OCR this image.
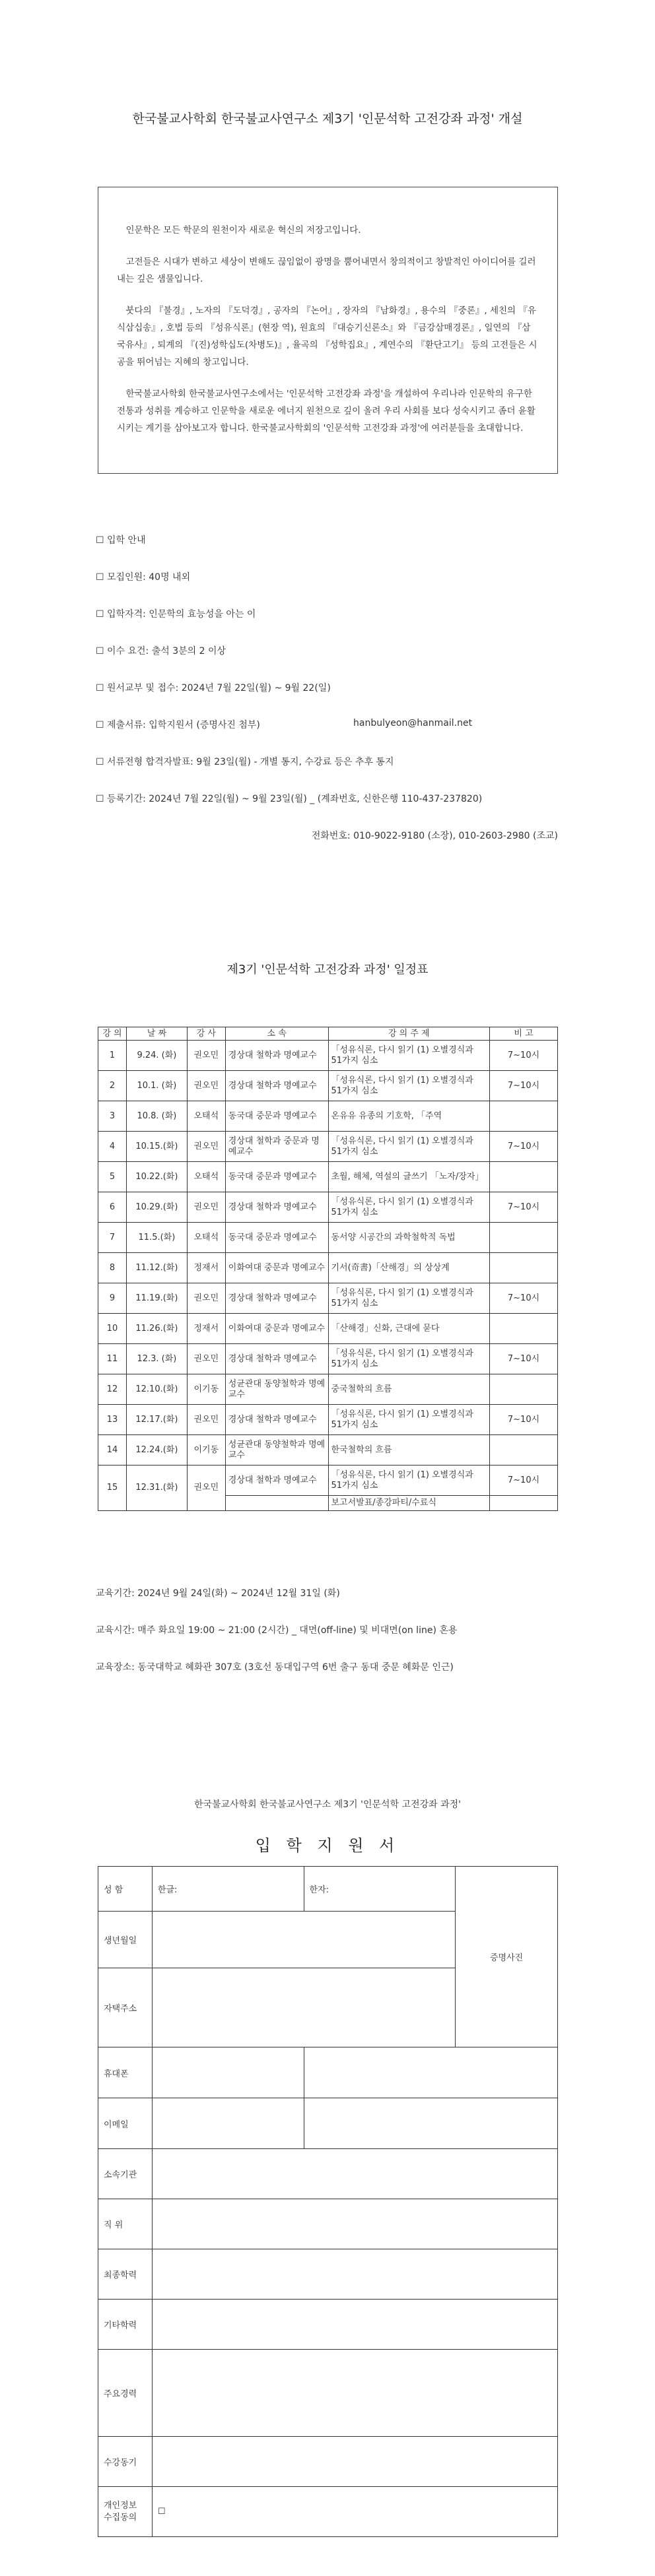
한국불교사학회 한국불교사연구소 제3기 '인문석학 고전강좌 과정' 개설

인문학은 모든 학문의 원천이자 새로운 혁신의 저장고입니다.

고전들은 시대가 변하고 세상이 변해도 끊임없이 광명을 뿜어내면서 창의적이고 창발적인 아이디어를 길러내는 깊은 샘물입니다.

붓다의 『불경』, 노자의 『도덕경』, 공자의 『논어』, 장자의 『남화경』, 용수의 『중론』, 세친의 『유식삼십송』, 호법 등의 『성유식론』(현장 역), 원효의 『대승기신론소』와 『금강삼매경론』, 일연의 『삼국유사』, 퇴계의 『(진)성학십도(차병도)』, 율곡의 『성학집요』, 계연수의 『환단고기』 등의 고전들은 시공을 뛰어넘는 지혜의 창고입니다.

한국불교사학회 한국불교사연구소에서는 '인문석학 고전강좌 과정'을 개설하여 우리나라 인문학의 유구한 전통과 성취를 계승하고 인문학을 새로운 에너지 원천으로 깊이 올려 우리 사회를 보다 성숙시키고 좀더 윤활시키는 계기를 삼아보고자 합니다. 한국불교사학회의 '인문석학 고전강좌 과정'에 여러분들을 초대합니다.

☐ 입학 안내
☐ 모집인원: 40명 내외
☐ 입학자격: 인문학의 효능성을 아는 이
☐ 이수 요건: 출석 3분의 2 이상
☐ 원서교부 및 접수: 2024년 7월 22일(월) ~ 9월 22(일)
☐ 제출서류: 입학지원서 (증명사진 첨부)	hanbulyeon@hanmail.net
☐ 서류전형 합격자발표: 9월 23일(월) - 개별 통지, 수강료 등은 추후 통지
☐ 등록기간: 2024년 7월 22일(월) ~ 9월 23일(월) _ (계좌번호, 신한은행 110-437-237820)
전화번호: 010-9022-9180 (소장), 010-2603-2980 (조교)
제3기 '인문석학 고전강좌 과정' 일정표
강 의	날 짜	강 사	소 속	강 의 주 제	비 고
1	9.24. (화)	권오민	경상대 철학과 명예교수	「성유식론, 다시 읽기 (1) 오별경식과 51가지 심소	7~10시
2	10.1. (화)	권오민	경상대 철학과 명예교수	「성유식론, 다시 읽기 (1) 오별경식과 51가지 심소	7~10시
3	10.8. (화)	오태석	동국대 중문과 명예교수	온유유 유종의 기호학, 「주역	
4	10.15.(화)	권오민	경상대 철학과 중문과 명예교수	「성유식론, 다시 읽기 (1) 오별경식과 51가지 심소	7~10시
5	10.22.(화)	오태석	동국대 중문과 명예교수	초월, 해체, 역설의 글쓰기 「노자/장자」	
6	10.29.(화)	권오민	경상대 철학과 명예교수	「성유식론, 다시 읽기 (1) 오별경식과 51가지 심소	7~10시
7	11.5.(화)	오태석	동국대 중문과 명예교수	동서양 시공간의 과학철학적 독법	
8	11.12.(화)	정재서	이화여대 중문과 명예교수	기서(奇書)「산해경」의 상상계	
9	11.19.(화)	권오민	경상대 철학과 명예교수	「성유식론, 다시 읽기 (1) 오별경식과 51가지 심소	7~10시
10	11.26.(화)	정재서	이화여대 중문과 명예교수	「산해경」신화, 근대에 묻다	
11	12.3. (화)	권오민	경상대 철학과 명예교수	「성유식론, 다시 읽기 (1) 오별경식과 51가지 심소	7~10시
12	12.10.(화)	이기동	성균관대 동양철학과 명예교수	중국철학의 흐름	
13	12.17.(화)	권오민	경상대 철학과 명예교수	「성유식론, 다시 읽기 (1) 오별경식과 51가지 심소	7~10시
14	12.24.(화)	이기동	성균관대 동양철학과 명예교수	한국철학의 흐름	
15	12.31.(화)	권오민	경상대 철학과 명예교수	「성유식론, 다시 읽기 (1) 오별경식과 51가지 심소	7~10시
				보고서발표/종강파티/수료식	
교육기간: 2024년 9월 24일(화) ~ 2024년 12월 31일 (화)
교육시간: 매주 화요일 19:00 ~ 21:00 (2시간) _ 대면(off-line) 및 비대면(on line) 혼용
교육장소: 동국대학교 혜화관 307호 (3호선 동대입구역 6번 출구 동대 중문 혜화문 인근)
한국불교사학회 한국불교사연구소 제3기 '인문석학 고전강좌 과정'
입 학 지 원 서
성 함	한글:	한자:	증명사진
생년월일			
자택주소			
휴대폰			
이메일			
소속기관			
직 위			
최종학력			
기타학력			
주요경력			
수강동기			
개인정보 수집동의	☐		
